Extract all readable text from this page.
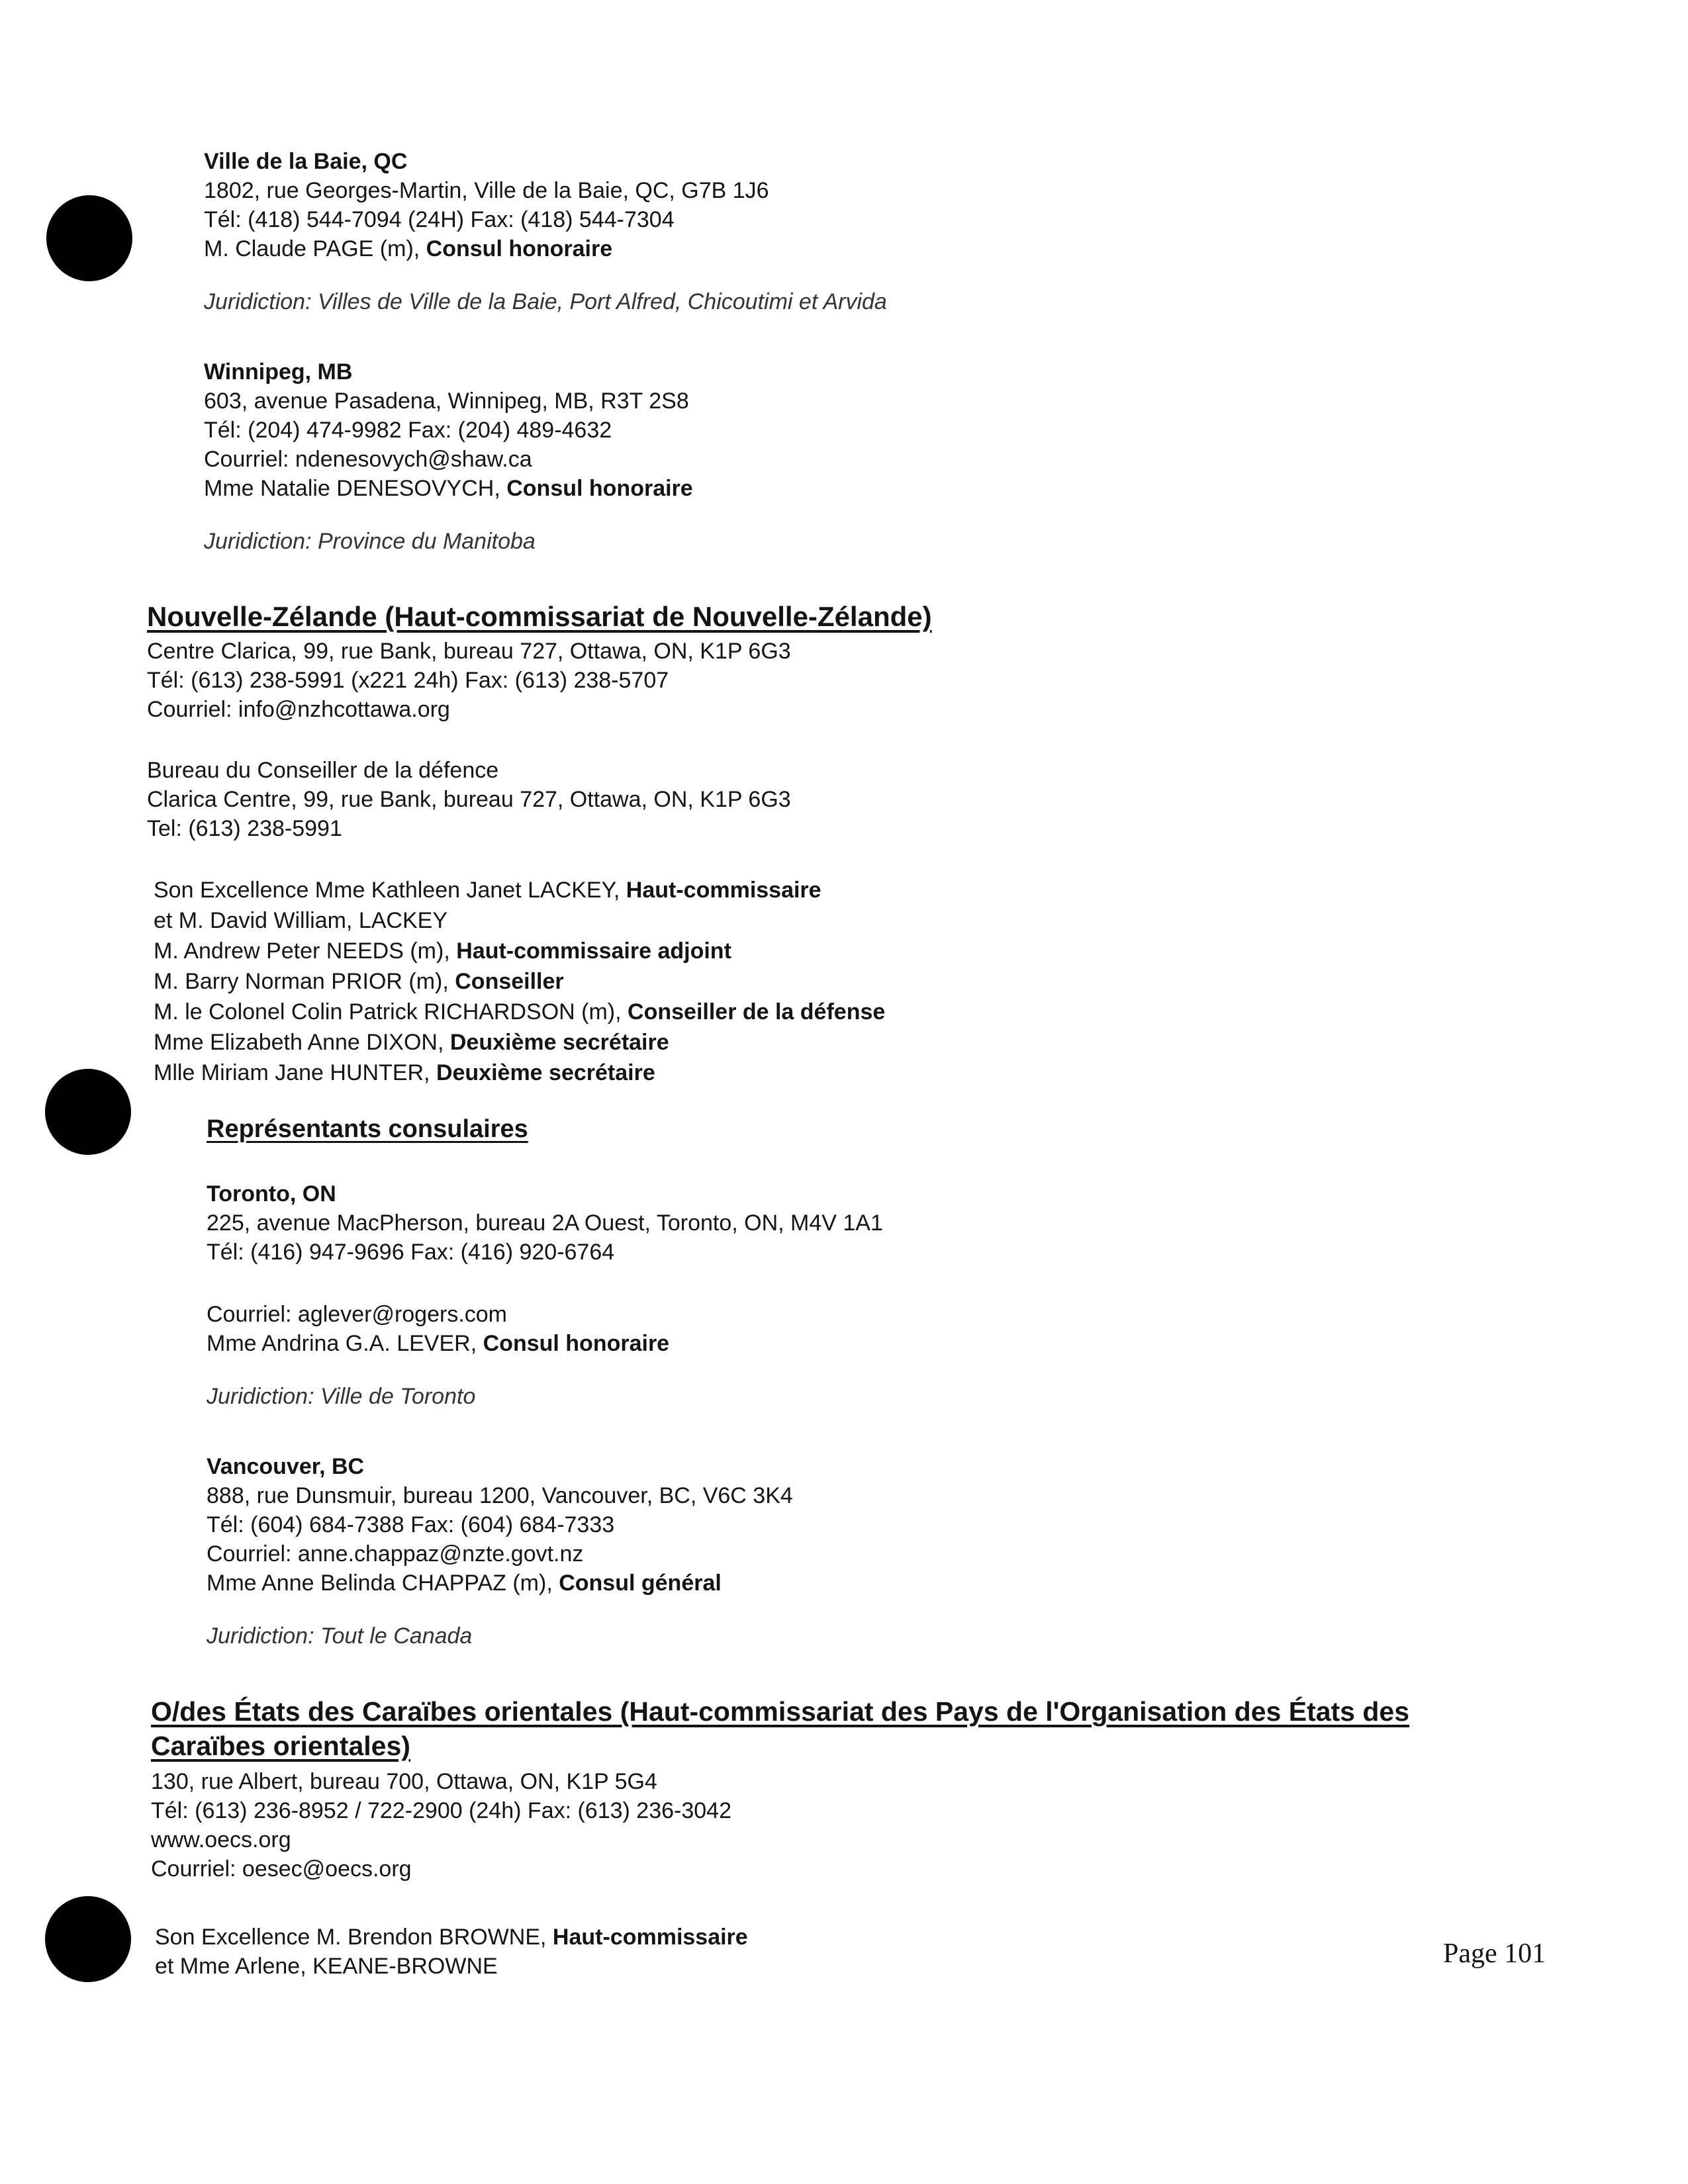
Ville de la Baie, QC
1802, rue Georges-Martin, Ville de la Baie, QC, G7B 1J6
Tél: (418) 544-7094 (24H) Fax: (418) 544-7304
M. Claude PAGE (m), Consul honoraire
Juridiction: Villes de Ville de la Baie, Port Alfred, Chicoutimi et Arvida
Winnipeg, MB
603, avenue Pasadena, Winnipeg, MB, R3T 2S8
Tél: (204) 474-9982 Fax: (204) 489-4632
Courriel: ndenesovych@shaw.ca
Mme Natalie DENESOVYCH, Consul honoraire
Juridiction: Province du Manitoba
Nouvelle-Zélande (Haut-commissariat de Nouvelle-Zélande)
Centre Clarica, 99, rue Bank, bureau 727, Ottawa, ON, K1P 6G3
Tél: (613) 238-5991 (x221 24h) Fax: (613) 238-5707
Courriel: info@nzhcottawa.org
Bureau du Conseiller de la défence
Clarica Centre, 99, rue Bank, bureau 727, Ottawa, ON, K1P 6G3
Tel: (613) 238-5991
Son Excellence Mme Kathleen Janet LACKEY, Haut-commissaire
et M. David William, LACKEY
M. Andrew Peter NEEDS (m), Haut-commissaire adjoint
M. Barry Norman PRIOR (m), Conseiller
M. le Colonel Colin Patrick RICHARDSON (m), Conseiller de la défense
Mme Elizabeth Anne DIXON, Deuxième secrétaire
Mlle Miriam Jane HUNTER, Deuxième secrétaire
Représentants consulaires
Toronto, ON
225, avenue MacPherson, bureau 2A Ouest, Toronto, ON, M4V 1A1
Tél: (416) 947-9696 Fax: (416) 920-6764
Courriel: aglever@rogers.com
Mme Andrina G.A. LEVER, Consul honoraire
Juridiction: Ville de Toronto
Vancouver, BC
888, rue Dunsmuir, bureau 1200, Vancouver, BC, V6C 3K4
Tél: (604) 684-7388 Fax: (604) 684-7333
Courriel: anne.chappaz@nzte.govt.nz
Mme Anne Belinda CHAPPAZ (m), Consul général
Juridiction: Tout le Canada
O/des États des Caraïbes orientales (Haut-commissariat des Pays de l'Organisation des États des
Caraïbes orientales)
130, rue Albert, bureau 700, Ottawa, ON, K1P 5G4
Tél: (613) 236-8952 / 722-2900 (24h) Fax: (613) 236-3042
www.oecs.org
Courriel: oesec@oecs.org
Son Excellence M. Brendon BROWNE, Haut-commissaire
et Mme Arlene, KEANE-BROWNE	Page 101
